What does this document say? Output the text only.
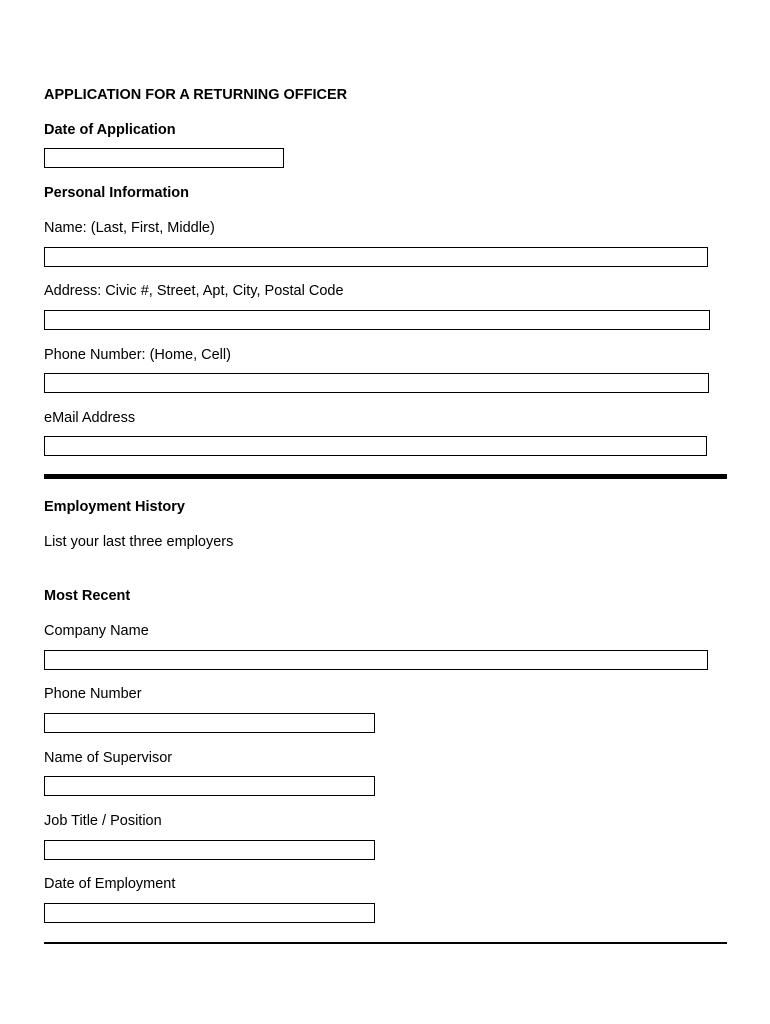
APPLICATION FOR A RETURNING OFFICER
Date of Application
Personal Information
Name: (Last, First, Middle)
Address: Civic #, Street, Apt, City, Postal Code
Phone Number: (Home, Cell)
eMail Address
Employment History
List your last three employers
Most Recent
Company Name
Phone Number
Name of Supervisor
Job Title / Position
Date of Employment
